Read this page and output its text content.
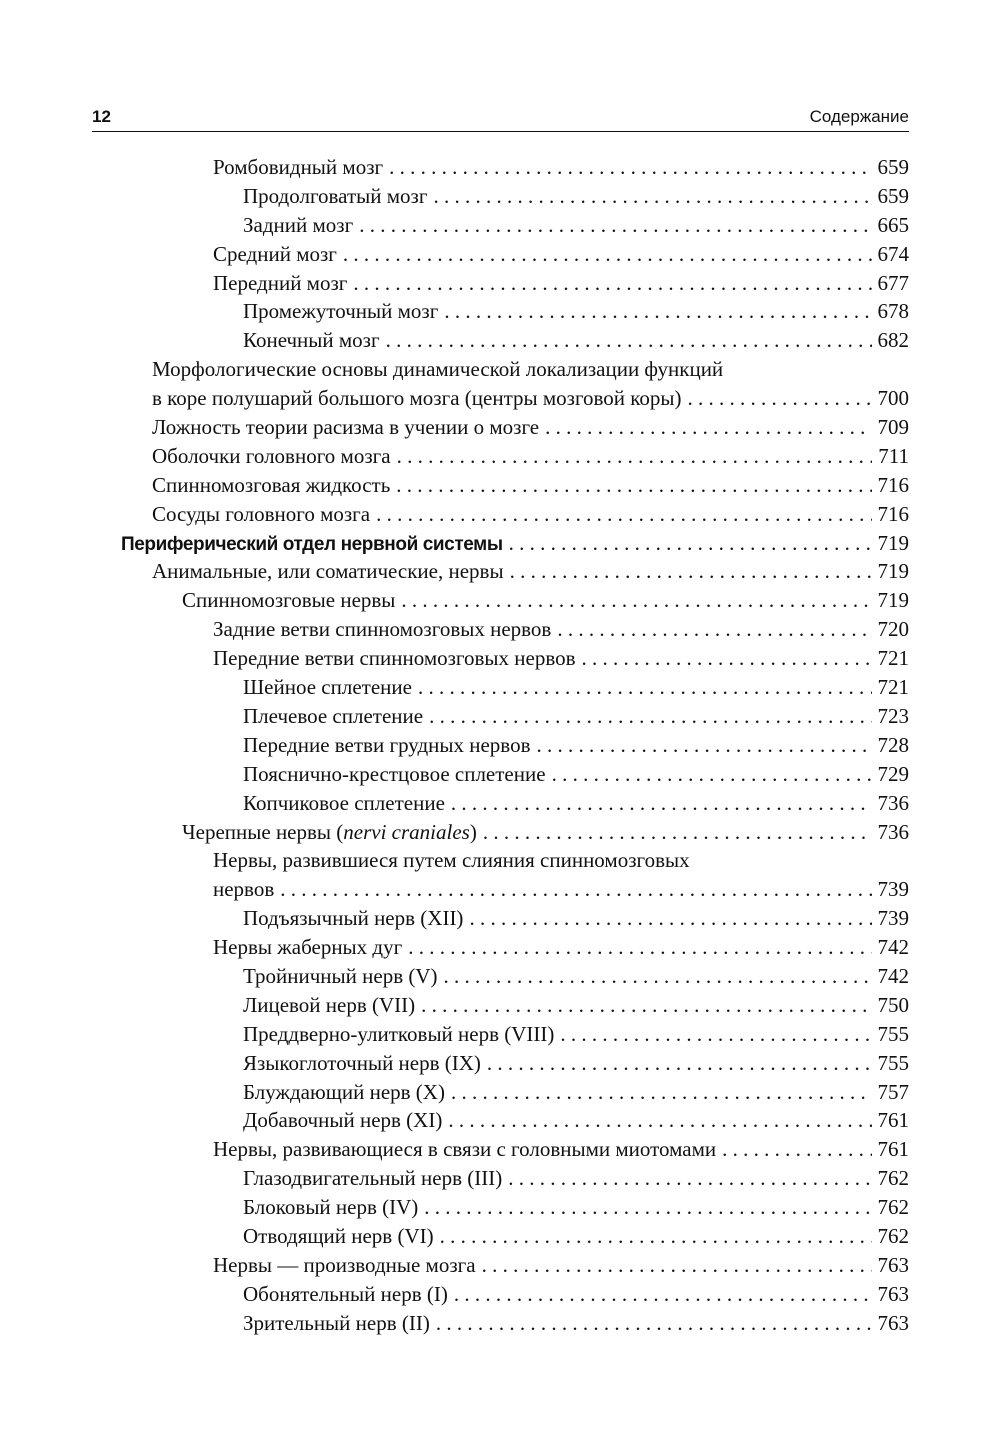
12	Содержание
Ромбовидный мозг . . .	659
Продолговатый мозг . . .	659
Задний мозг . . .	665
Средний мозг . . .	674
Передний мозг . . .	677
Промежуточный мозг . . .	678
Конечный мозг . . .	682
Морфологические основы динамической локализации функций
в коре полушарий большого мозга (центры мозговой коры) . . .	700
Ложность теории расизма в учении о мозге . . .	709
Оболочки головного мозга . . .	711
Спинномозговая жидкость . . .	716
Сосуды головного мозга . . .	716
Периферический отдел нервной системы . . .	719
Анимальные, или соматические, нервы . . .	719
Спинномозговые нервы . . .	719
Задние ветви спинномозговых нервов . . .	720
Передние ветви спинномозговых нервов . . .	721
Шейное сплетение . . .	721
Плечевое сплетение . . .	723
Передние ветви грудных нервов . . .	728
Пояснично-крестцовое сплетение . . .	729
Копчиковое сплетение . . .	736
Черепные нервы (nervi craniales) . . .	736
Нервы, развившиеся путем слияния спинномозговых
нервов . . .	739
Подъязычный нерв (XII) . . .	739
Нервы жаберных дуг . . .	742
Тройничный нерв (V) . . .	742
Лицевой нерв (VII) . . .	750
Преддверно-улитковый нерв (VIII) . . .	755
Языкоглоточный нерв (IX) . . .	755
Блуждающий нерв (X) . . .	757
Добавочный нерв (XI) . . .	761
Нервы, развивающиеся в связи с головными миотомами . . .	761
Глазодвигательный нерв (III) . . .	762
Блоковый нерв (IV) . . .	762
Отводящий нерв (VI) . . .	762
Нервы — производные мозга . . .	763
Обонятельный нерв (I) . . .	763
Зрительный нерв (II) . . .	763
